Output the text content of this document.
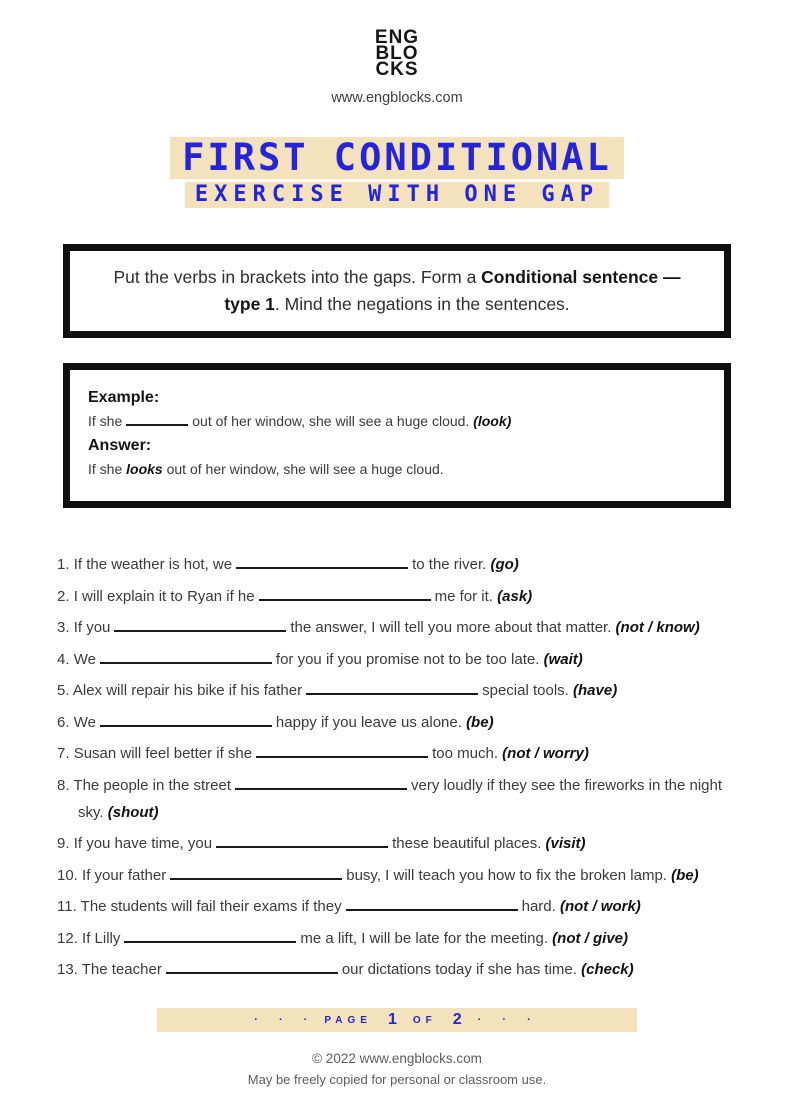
ENG
BLO
CKS
www.engblocks.com
FIRST CONDITIONAL
EXERCISE WITH ONE GAP
Put the verbs in brackets into the gaps. Form a Conditional sentence — type 1. Mind the negations in the sentences.
Example:
If she	out of her window, she will see a huge cloud. (look)
Answer:
If she looks out of her window, she will see a huge cloud.
1. If the weather is hot, we	to the river. (go)
2. I will explain it to Ryan if he	me for it. (ask)
3. If you	the answer, I will tell you more about that matter. (not / know)
4. We	for you if you promise not to be too late. (wait)
5. Alex will repair his bike if his father	special tools. (have)
6. We	happy if you leave us alone. (be)
7. Susan will feel better if she	too much. (not / worry)
8. The people in the street	very loudly if they see the fireworks in the night sky. (shout)
9. If you have time, you	these beautiful places. (visit)
10. If your father	busy, I will teach you how to fix the broken lamp. (be)
11. The students will fail their exams if they	hard. (not / work)
12. If Lilly	me a lift, I will be late for the meeting. (not / give)
13. The teacher	our dictations today if she has time. (check)
· · · PAGE 1 OF 2 · · ·
© 2022 www.engblocks.com
May be freely copied for personal or classroom use.
